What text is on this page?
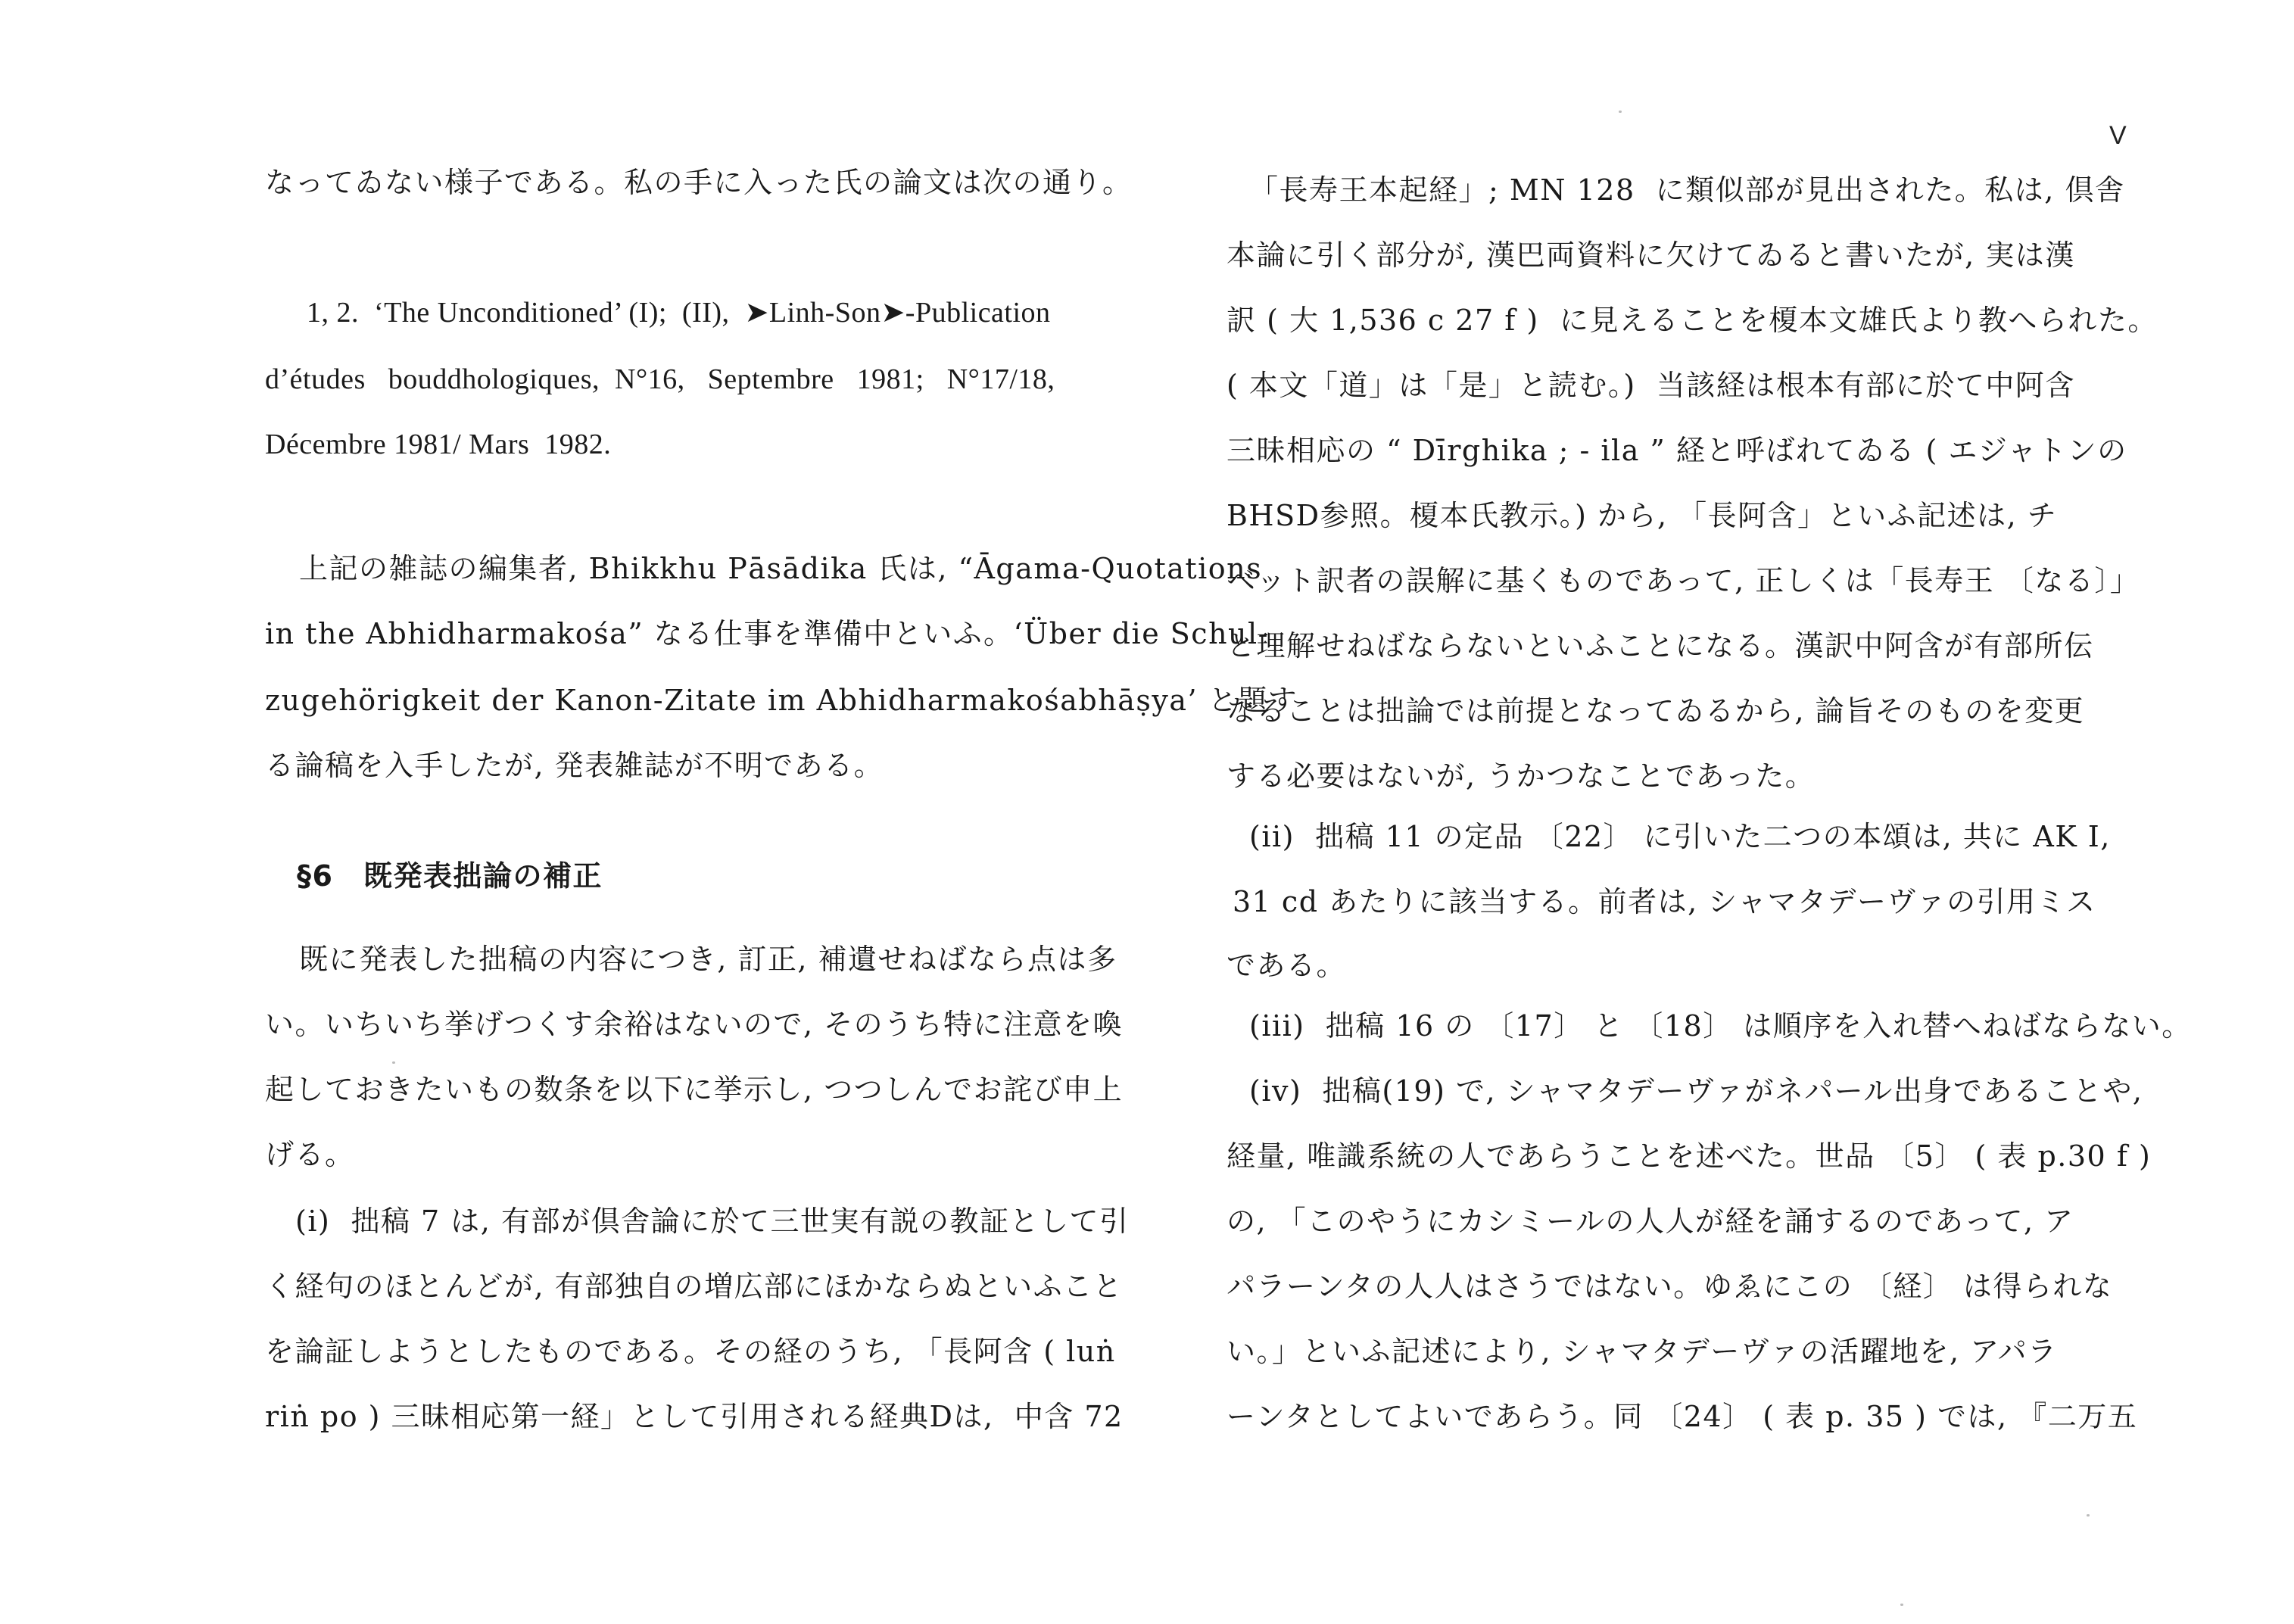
V
なってゐない様子である。私の手に入った氏の論文は次の通り。
1, 2.  ‘The Unconditioned’ (I);  (II),  ➤Linh-Son➤-Publication
d’études   bouddhologiques,  N°16,   Septembre   1981;   N°17/18,
Décembre 1981/ Mars  1982.
上記の雑誌の編集者, Bhikkhu Pāsādika 氏は, “Āgama-Quotations
in the Abhidharmakośa” なる仕事を準備中といふ。‘Über die Schul-
zugehörigkeit der Kanon-Zitate im Abhidharmakośabhāṣya’ と題す
る論稿を入手したが, 発表雑誌が不明である。
§6　既発表拙論の補正
既に発表した拙稿の内容につき, 訂正, 補遺せねばなら点は多
い。いちいち挙げつくす余裕はないので, そのうち特に注意を喚
起しておきたいもの数条を以下に挙示し, つつしんでお詫び申上
げる。
(i)  拙稿 7 は, 有部が倶舎論に於て三世実有説の教証として引
く経句のほとんどが, 有部独自の増広部にほかならぬといふこと
を論証しようとしたものである。その経のうち, 「長阿含 ( luṅ
riṅ po ) 三昧相応第一経」として引用される経典Dは,  中含 72
「長寿王本起経」; MN 128  に類似部が見出された。私は, 倶舎
本論に引く部分が, 漢巴両資料に欠けてゐると書いたが, 実は漢
訳 ( 大 1,536 c 27 f )  に見えることを榎本文雄氏より教へられた。
( 本文「道」は「是」と読む。)  当該経は根本有部に於て中阿含
三昧相応の “ Dīrghika ; - ila ” 経と呼ばれてゐる ( エジャトンの
BHSD参照。榎本氏教示。) から, 「長阿含」といふ記述は, チ
ベット訳者の誤解に基くものであって, 正しくは「長寿王 〔なる〕」
と理解せねばならないといふことになる。漢訳中阿含が有部所伝
なることは拙論では前提となってゐるから, 論旨そのものを変更
する必要はないが, うかつなことであった。
(ii)  拙稿 11 の定品 〔22〕 に引いた二つの本頌は, 共に AK I,
31 cd あたりに該当する。前者は, シャマタデーヴァの引用ミス
である。
(iii)  拙稿 16 の 〔17〕 と 〔18〕 は順序を入れ替へねばならない。
(iv)  拙稿(19) で, シャマタデーヴァがネパール出身であることや,
経量, 唯識系統の人であらうことを述べた。世品 〔5〕 ( 表 p.30 f )
の, 「このやうにカシミールの人人が経を誦するのであって, ア
パラーンタの人人はさうではない。ゆゑにこの 〔経〕 は得られな
い。」といふ記述により, シャマタデーヴァの活躍地を, アパラ
ーンタとしてよいであらう。同 〔24〕 ( 表 p. 35 ) では, 『二万五
